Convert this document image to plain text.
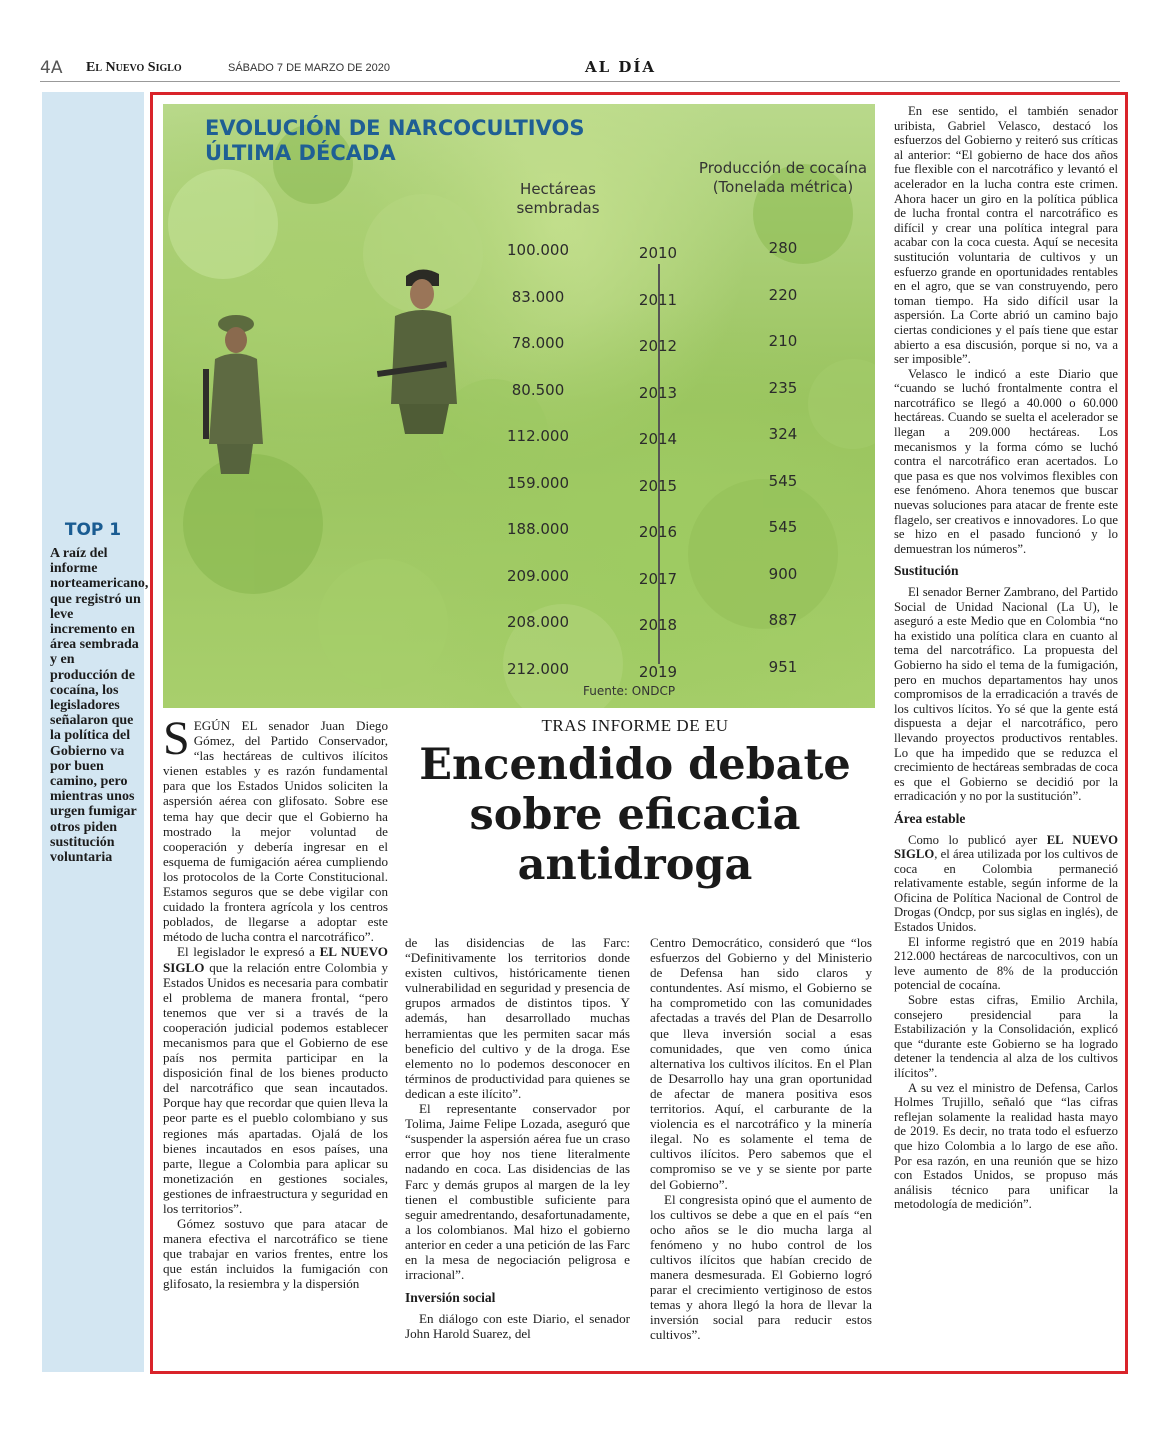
4A El Nuevo Siglo	SÁBADO 7 DE MARZO DE 2020	AL DÍA
TOP 1
A raíz del informe norteamericano, que registró un leve incremento en área sembrada y en producción de cocaína, los legisladores señalaron que la política del Gobierno va por buen camino, pero mientras unos urgen fumigar otros piden sustitución voluntaria
EVOLUCIÓN DE NARCOCULTIVOS
ÚLTIMA DÉCADA
Hectáreas sembradas
Producción de cocaína (Tonelada métrica)
100.000	2010	280
83.000	2011	220
78.000	2012	210
80.500	2013	235
112.000	2014	324
159.000	2015	545
188.000	2016	545
209.000	2017	900
208.000	2018	887
212.000	2019	951
Fuente: ONDCP
TRAS INFORME DE EU
Encendido debate sobre eficacia antidroga

SEGÚN EL senador Juan Diego Gómez, del Partido Conservador, “las hectáreas de cultivos ilícitos vienen estables y es razón fundamental para que los Estados Unidos soliciten la aspersión aérea con glifosato. Sobre ese tema hay que decir que el Gobierno ha mostrado la mejor voluntad de cooperación y debería ingresar en el esquema de fumigación aérea cumpliendo los protocolos de la Corte Constitucional. Estamos seguros que se debe vigilar con cuidado la frontera agrícola y los centros poblados, de llegarse a adoptar este método de lucha contra el narcotráfico”.

El legislador le expresó a EL NUEVO SIGLO que la relación entre Colombia y Estados Unidos es necesaria para combatir el problema de manera frontal, “pero tenemos que ver si a través de la cooperación judicial podemos establecer mecanismos para que el Gobierno de ese país nos permita participar en la disposición final de los bienes producto del narcotráfico que sean incautados. Porque hay que recordar que quien lleva la peor parte es el pueblo colombiano y sus regiones más apartadas. Ojalá de los bienes incautados en esos países, una parte, llegue a Colombia para aplicar su monetización en gestiones sociales, gestiones de infraestructura y seguridad en los territorios”.

Gómez sostuvo que para atacar de manera efectiva el narcotráfico se tiene que trabajar en varios frentes, entre los que están incluidos la fumigación con glifosato, la resiembra y la dispersión

de las disidencias de las Farc: “Definitivamente los territorios donde existen cultivos, históricamente tienen vulnerabilidad en seguridad y presencia de grupos armados de distintos tipos. Y además, han desarrollado muchas herramientas que les permiten sacar más beneficio del cultivo y de la droga. Ese elemento no lo podemos desconocer en términos de productividad para quienes se dedican a este ilícito”.

El representante conservador por Tolima, Jaime Felipe Lozada, aseguró que “suspender la aspersión aérea fue un craso error que hoy nos tiene literalmente nadando en coca. Las disidencias de las Farc y demás grupos al margen de la ley tienen el combustible suficiente para seguir amedrentando, desafortunadamente, a los colombianos. Mal hizo el gobierno anterior en ceder a una petición de las Farc en la mesa de negociación peligrosa e irracional”.

Inversión social

En diálogo con este Diario, el senador John Harold Suarez, del

Centro Democrático, consideró que “los esfuerzos del Gobierno y del Ministerio de Defensa han sido claros y contundentes. Así mismo, el Gobierno se ha comprometido con las comunidades afectadas a través del Plan de Desarrollo que lleva inversión social a esas comunidades, que ven como única alternativa los cultivos ilícitos. En el Plan de Desarrollo hay una gran oportunidad de afectar de manera positiva esos territorios. Aquí, el carburante de la violencia es el narcotráfico y la minería ilegal. No es solamente el tema de cultivos ilícitos. Pero sabemos que el compromiso se ve y se siente por parte del Gobierno”.

El congresista opinó que el aumento de los cultivos se debe a que en el país “en ocho años se le dio mucha larga al fenómeno y no hubo control de los cultivos ilícitos que habían crecido de manera desmesurada. El Gobierno logró parar el crecimiento vertiginoso de estos temas y ahora llegó la hora de llevar la inversión social para reducir estos cultivos”.

En ese sentido, el también senador uribista, Gabriel Velasco, destacó los esfuerzos del Gobierno y reiteró sus críticas al anterior: “El gobierno de hace dos años fue flexible con el narcotráfico y levantó el acelerador en la lucha contra este crimen. Ahora hacer un giro en la política pública de lucha frontal contra el narcotráfico es difícil y crear una política integral para acabar con la coca cuesta. Aquí se necesita sustitución voluntaria de cultivos y un esfuerzo grande en oportunidades rentables en el agro, que se van construyendo, pero toman tiempo. Ha sido difícil usar la aspersión. La Corte abrió un camino bajo ciertas condiciones y el país tiene que estar abierto a esa discusión, porque si no, va a ser imposible”.

Velasco le indicó a este Diario que “cuando se luchó frontalmente contra el narcotráfico se llegó a 40.000 o 60.000 hectáreas. Cuando se suelta el acelerador se llegan a 209.000 hectáreas. Los mecanismos y la forma cómo se luchó contra el narcotráfico eran acertados. Lo que pasa es que nos volvimos flexibles con ese fenómeno. Ahora tenemos que buscar nuevas soluciones para atacar de frente este flagelo, ser creativos e innovadores. Lo que se hizo en el pasado funcionó y lo demuestran los números”.

Sustitución

El senador Berner Zambrano, del Partido Social de Unidad Nacional (La U), le aseguró a este Medio que en Colombia “no ha existido una política clara en cuanto al tema del narcotráfico. La propuesta del Gobierno ha sido el tema de la fumigación, pero en muchos departamentos hay unos compromisos de la erradicación a través de los cultivos lícitos. Yo sé que la gente está dispuesta a dejar el narcotráfico, pero llevando proyectos productivos rentables. Lo que ha impedido que se reduzca el crecimiento de hectáreas sembradas de coca es que el Gobierno se decidió por la erradicación y no por la sustitución”.

Área estable

Como lo publicó ayer EL NUEVO SIGLO, el área utilizada por los cultivos de coca en Colombia permaneció relativamente estable, según informe de la Oficina de Política Nacional de Control de Drogas (Ondcp, por sus siglas en inglés), de Estados Unidos.

El informe registró que en 2019 había 212.000 hectáreas de narcocultivos, con un leve aumento de 8% de la producción potencial de cocaína.

Sobre estas cifras, Emilio Archila, consejero presidencial para la Estabilización y la Consolidación, explicó que “durante este Gobierno se ha logrado detener la tendencia al alza de los cultivos ilícitos”.

A su vez el ministro de Defensa, Carlos Holmes Trujillo, señaló que “las cifras reflejan solamente la realidad hasta mayo de 2019. Es decir, no trata todo el esfuerzo que hizo Colombia a lo largo de ese año. Por esa razón, en una reunión que se hizo con Estados Unidos, se propuso más análisis técnico para unificar la metodología de medición”.
